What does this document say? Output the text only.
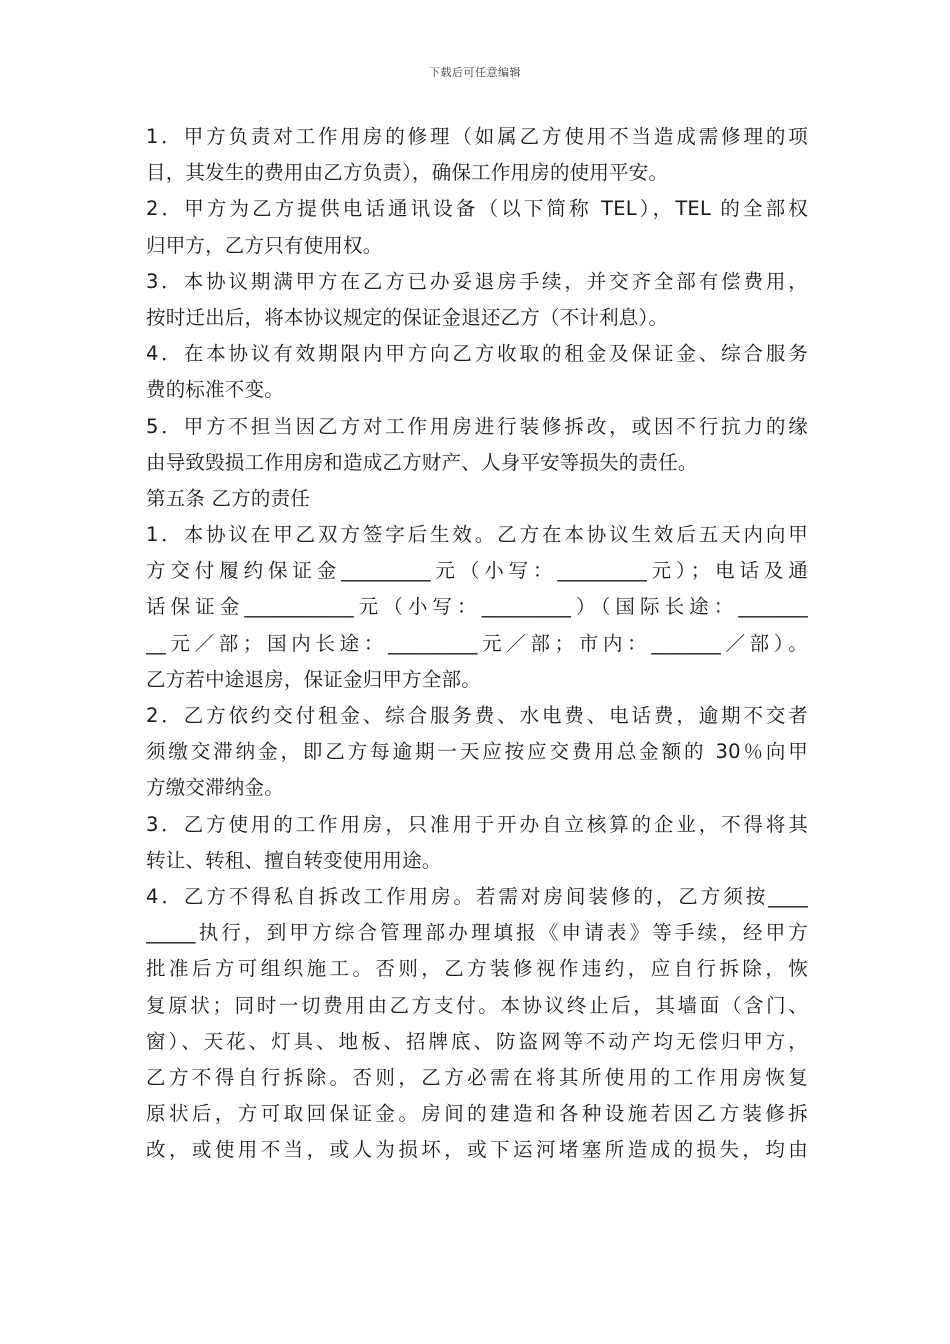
下载后可任意编辑
1．甲方负责对工作用房的修理（如属乙方使用不当造成需修理的项
目，其发生的费用由乙方负责），确保工作用房的使用平安。
2．甲方为乙方提供电话通讯设备（以下简称 TEL），TEL 的全部权
归甲方，乙方只有使用权。
3．本协议期满甲方在乙方已办妥退房手续，并交齐全部有偿费用，
按时迁出后，将本协议规定的保证金退还乙方（不计利息）。
4．在本协议有效期限内甲方向乙方收取的租金及保证金、综合服务
费的标准不变。
5．甲方不担当因乙方对工作用房进行装修拆改，或因不行抗力的缘
由导致毁损工作用房和造成乙方财产、人身平安等损失的责任。
第五条 乙方的责任
1．本协议在甲乙双方签字后生效。乙方在本协议生效后五天内向甲
方交付履约保证金_________元（小写：_________元）；电话及通
话保证金___________元（小写：_________）（国际长途：_______
__元／部；国内长途：_________元／部；市内：_______／部）。
乙方若中途退房，保证金归甲方全部。
2．乙方依约交付租金、综合服务费、水电费、电话费，逾期不交者
须缴交滞纳金，即乙方每逾期一天应按应交费用总金额的 30％向甲
方缴交滞纳金。
3．乙方使用的工作用房，只准用于开办自立核算的企业，不得将其
转让、转租、擅自转变使用用途。
4．乙方不得私自拆改工作用房。若需对房间装修的，乙方须按____
_____执行，到甲方综合管理部办理填报《申请表》等手续，经甲方
批准后方可组织施工。否则，乙方装修视作违约，应自行拆除，恢
复原状；同时一切费用由乙方支付。本协议终止后，其墙面（含门、
窗）、天花、灯具、地板、招牌底、防盗网等不动产均无偿归甲方，
乙方不得自行拆除。否则，乙方必需在将其所使用的工作用房恢复
原状后，方可取回保证金。房间的建造和各种设施若因乙方装修拆
改，或使用不当，或人为损坏，或下运河堵塞所造成的损失，均由
